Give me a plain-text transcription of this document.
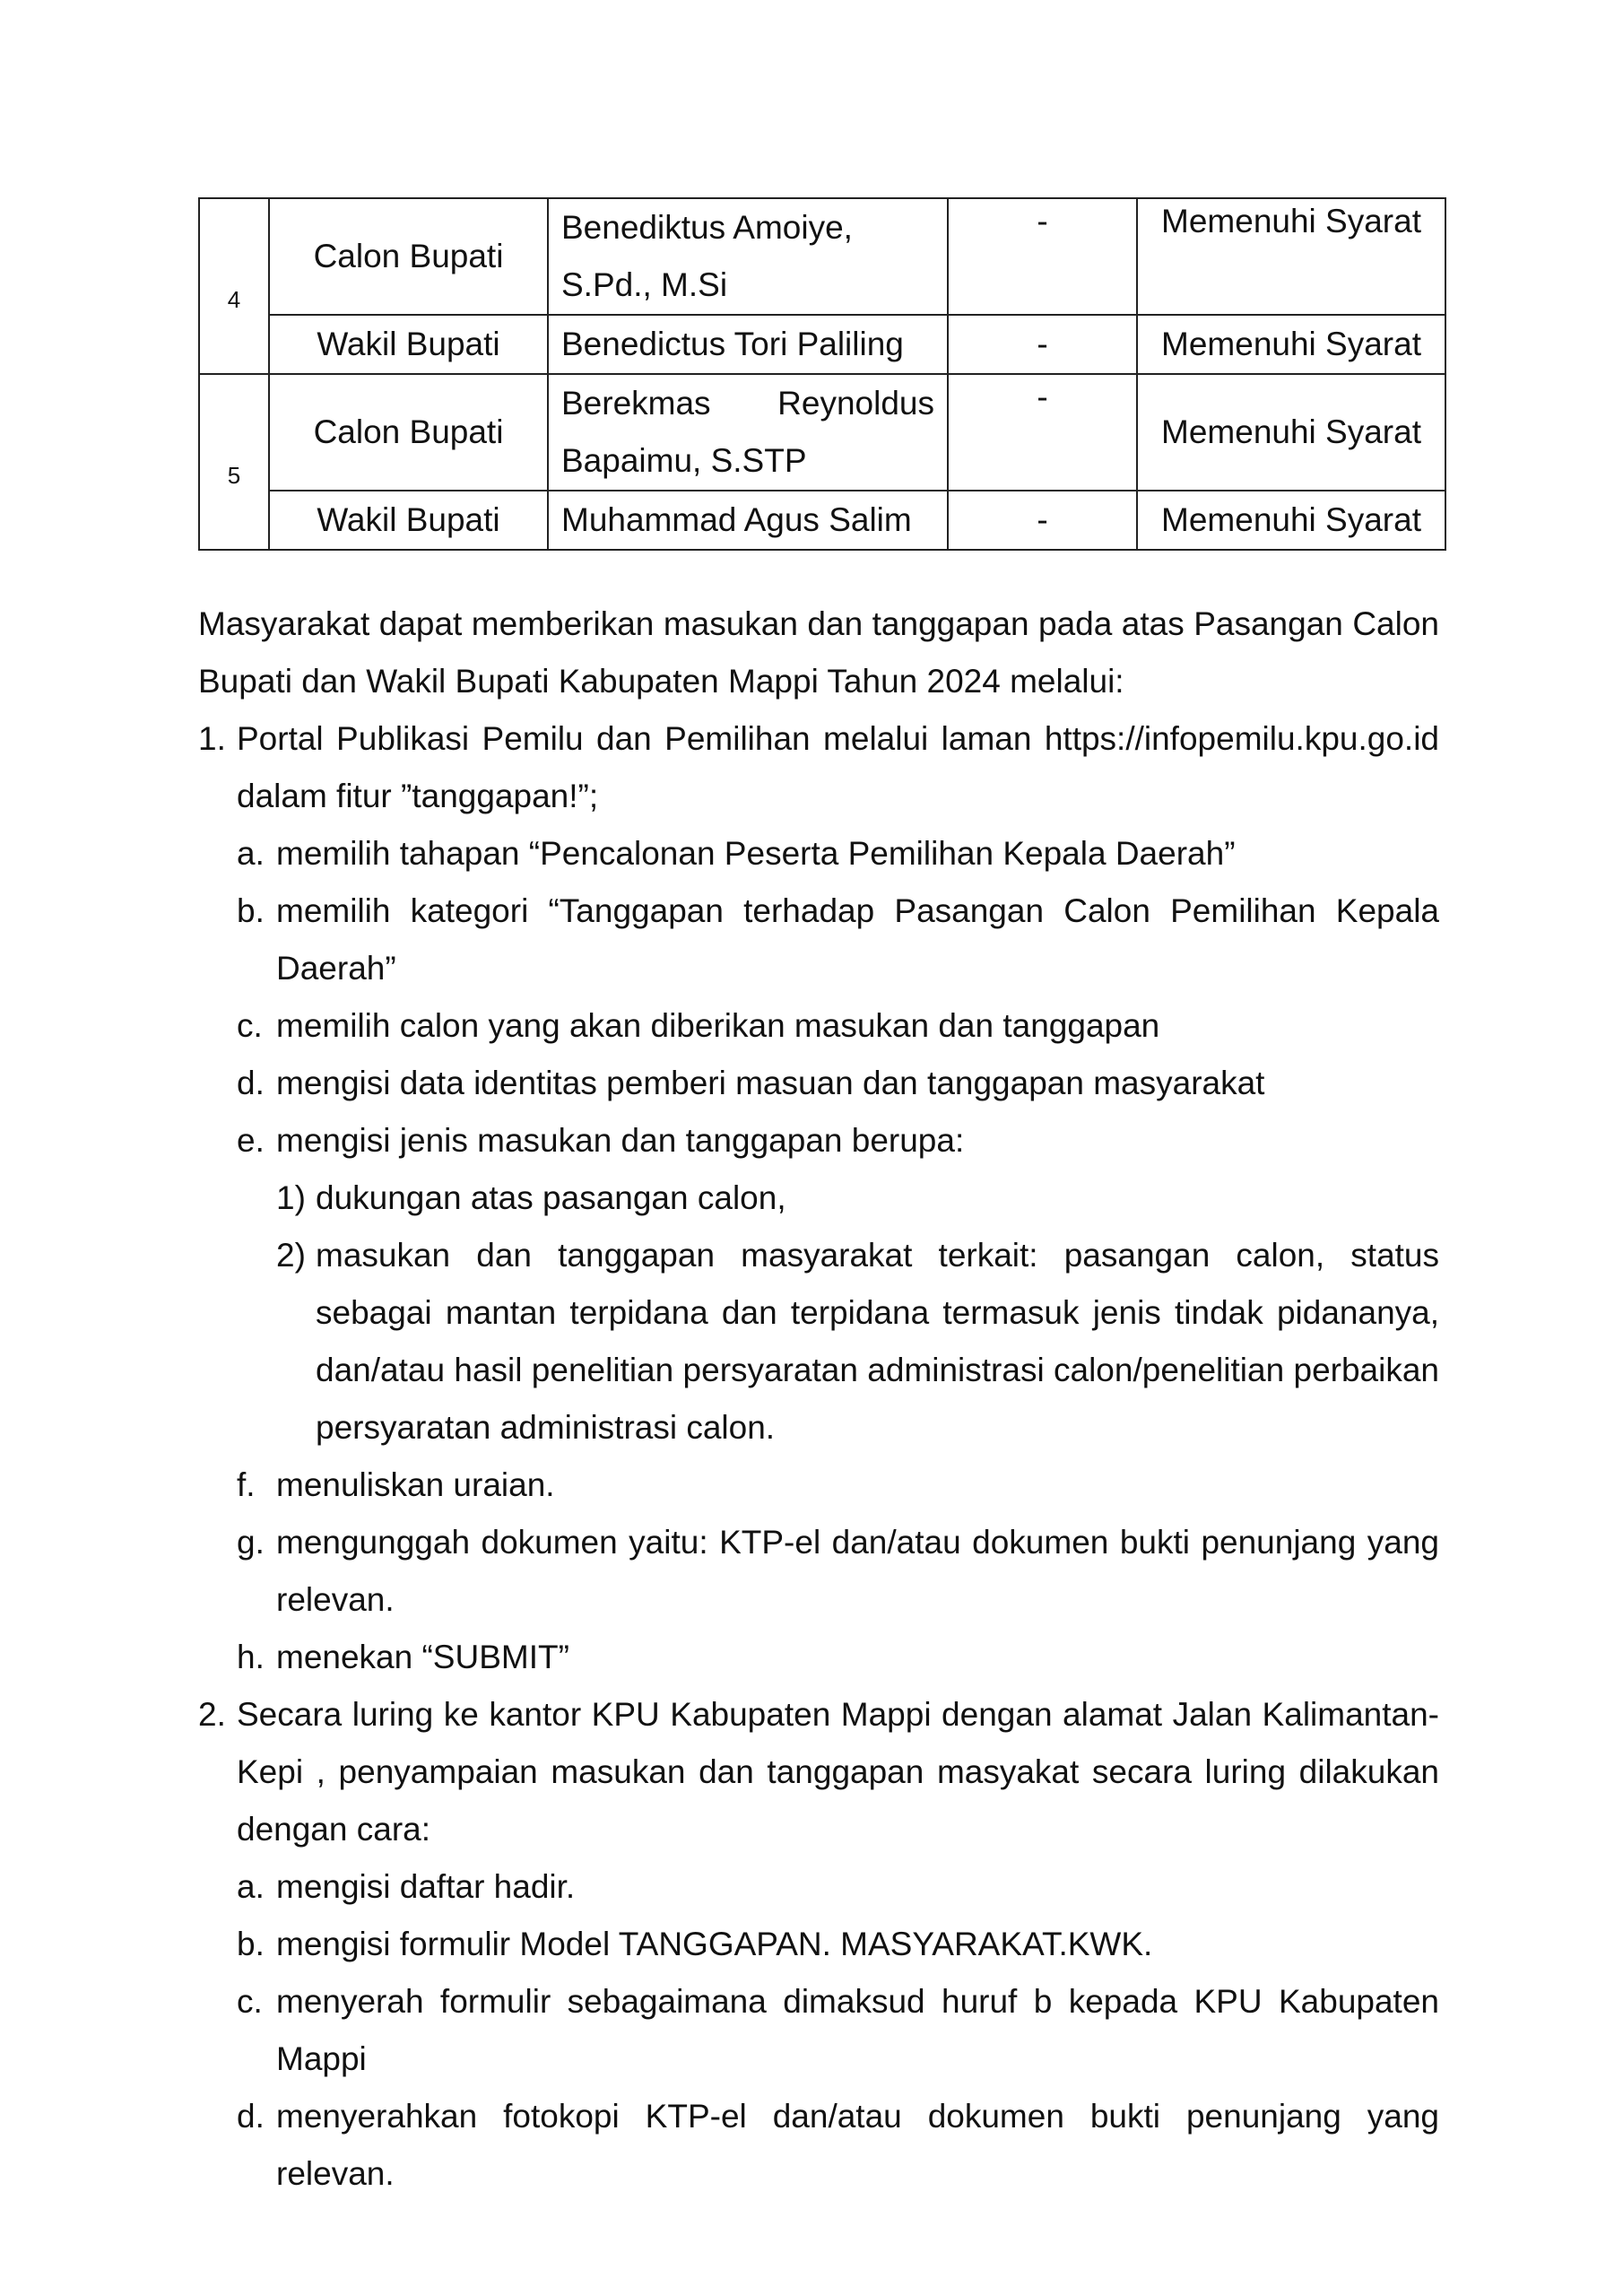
4	Calon Bupati	Benediktus Amoiye,
S.Pd., M.Si	-	Memenuhi Syarat
	Wakil Bupati	Benedictus Tori Paliling	-	Memenuhi Syarat
5	Calon Bupati	Berekmas Reynoldus
Bapaimu, S.STP	-	Memenuhi Syarat
	Wakil Bupati	Muhammad Agus Salim	-	Memenuhi Syarat
Masyarakat dapat memberikan masukan dan tanggapan pada atas Pasangan Calon Bupati dan Wakil Bupati Kabupaten Mappi Tahun 2024 melalui:
1. Portal Publikasi Pemilu dan Pemilihan melalui laman https://infopemilu.kpu.go.id dalam fitur ”tanggapan!”;
a. memilih tahapan “Pencalonan Peserta Pemilihan Kepala Daerah”
b. memilih kategori “Tanggapan terhadap Pasangan Calon Pemilihan Kepala Daerah”
c. memilih calon yang akan diberikan masukan dan tanggapan
d. mengisi data identitas pemberi masuan dan tanggapan masyarakat
e. mengisi jenis masukan dan tanggapan berupa:
1) dukungan atas pasangan calon,
2) masukan dan tanggapan masyarakat terkait: pasangan calon, status sebagai mantan terpidana dan terpidana termasuk jenis tindak pidananya, dan/atau hasil penelitian persyaratan administrasi calon/penelitian perbaikan persyaratan administrasi calon.
f. menuliskan uraian.
g. mengunggah dokumen yaitu: KTP-el dan/atau dokumen bukti penunjang yang relevan.
h. menekan “SUBMIT”
2. Secara luring ke kantor KPU Kabupaten Mappi dengan alamat Jalan Kalimantan-Kepi , penyampaian masukan dan tanggapan masyakat secara luring dilakukan dengan cara:
a. mengisi daftar hadir.
b. mengisi formulir Model TANGGAPAN. MASYARAKAT.KWK.
c. menyerah formulir sebagaimana dimaksud huruf b kepada KPU Kabupaten Mappi
d. menyerahkan fotokopi KTP-el dan/atau dokumen bukti penunjang yang relevan.
